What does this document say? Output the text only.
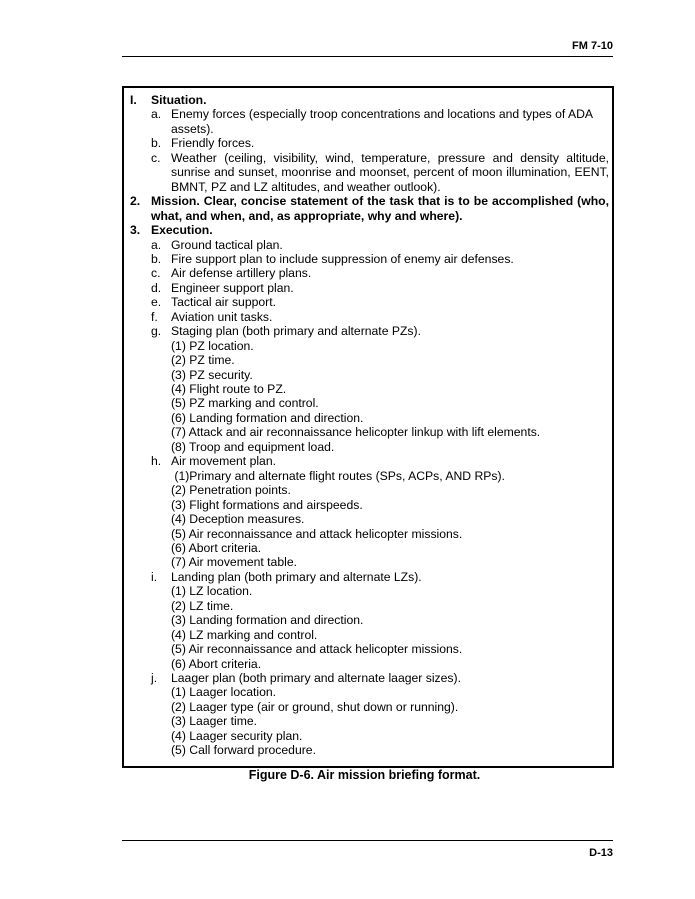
FM 7-10
I. Situation.
a. Enemy forces (especially troop concentrations and locations and types of ADA
assets).
b. Friendly forces.
c. Weather (ceiling, visibility, wind, temperature, pressure and density altitude, sunrise and sunset, moonrise and moonset, percent of moon illumination, EENT, BMNT, PZ and LZ altitudes, and weather outlook).
2. Mission. Clear, concise statement of the task that is to be accomplished (who, what, and when, and, as appropriate, why and where).
3. Execution.
a. Ground tactical plan.
b. Fire support plan to include suppression of enemy air defenses.
c. Air defense artillery plans.
d. Engineer support plan.
e. Tactical air support.
f. Aviation unit tasks.
g. Staging plan (both primary and alternate PZs).
(1) PZ location.
(2) PZ time.
(3) PZ security.
(4) Flight route to PZ.
(5) PZ marking and control.
(6) Landing formation and direction.
(7) Attack and air reconnaissance helicopter linkup with lift elements.
(8) Troop and equipment load.
h. Air movement plan.
(1)Primary and alternate flight routes (SPs, ACPs, AND RPs).
(2) Penetration points.
(3) Flight formations and airspeeds.
(4) Deception measures.
(5) Air reconnaissance and attack helicopter missions.
(6) Abort criteria.
(7) Air movement table.
i. Landing plan (both primary and alternate LZs).
(1) LZ location.
(2) LZ time.
(3) Landing formation and direction.
(4) LZ marking and control.
(5) Air reconnaissance and attack helicopter missions.
(6) Abort criteria.
j. Laager plan (both primary and alternate laager sizes).
(1) Laager location.
(2) Laager type (air or ground, shut down or running).
(3) Laager time.
(4) Laager security plan.
(5) Call forward procedure.
Figure D-6. Air mission briefing format.
D-13
